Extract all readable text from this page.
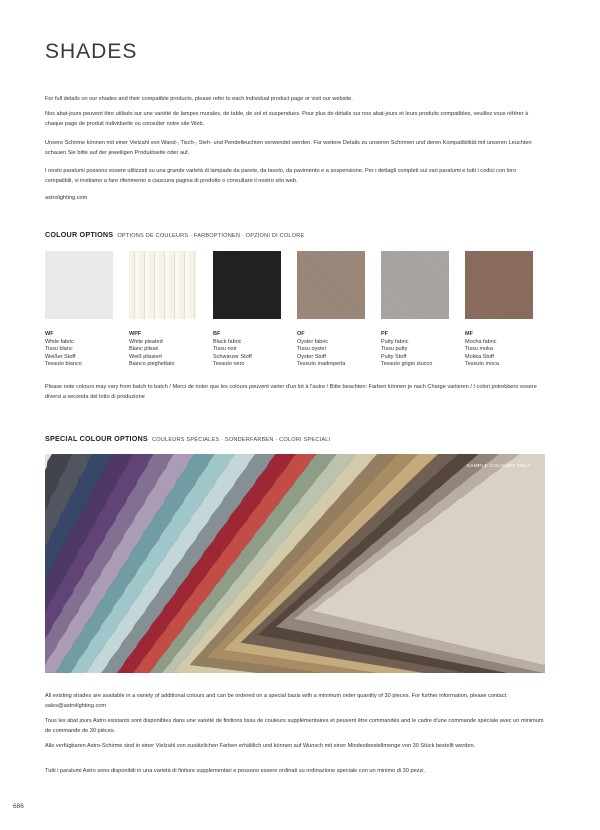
SHADES
For full details on our shades and their compatible products, please refer to each individual product page or visit our website.
Nos abat-jours peuvent être utilisés sur une variété de lampes murales, de table, de sol et suspendues. Pour plus de détails sur nos abat-jours et leurs produits compatibles, veuillez vous référer à chaque page de produit individuelle ou consulter notre site Web.
Unsere Schirme können mit einer Vielzahl von Wand-, Tisch-, Steh- und Pendelleuchten verwendet werden. Für weitere Details zu unseren Schirmen und deren Kompatibilität mit unseren Leuchten schauen Sie bitte auf der jeweiligen Produktseite oder auf.
I nostri paralumi possono essere utilizzati su una grande varietà di lampade da parete, da tavolo, da pavimento e a sospensione. Per i dettagli completi sui vari paralumi e tutti i codici con loro compatibili, vi invitiamo a fare riferimento a ciascuna pagina di prodotto o consultare il nostro sito web.
astrolighting.com
COLOUR OPTIONS OPTIONS DE COULEURS · FARBOPTIONEN · OPZIONI DI COLORE
WF
White fabric
Tissu blanc
Weißer Stoff
Tessuto bianco
WPF
White pleated
Blanc plissé
Weiß plissiert
Bianco pieghettato
BF
Black fabric
Tissu noir
Schwarzer Stoff
Tessuto nero
OF
Oyster fabric
Tissu oyster
Oyster Stoff
Tessuto madreperla
PF
Putty fabric
Tissu putty
Putty Stoff
Tessuto grigio stucco
MF
Mocha fabric
Tissu moka
Mokka Stoff
Tessuto moca
Please note colours may vary from batch to batch / Merci de noter que les colours peuvent varier d'un lot à l'autre / Bitte beachten: Farben können je nach Charge variieren / I colori potrebbero essere diversi a seconda del lotto di produzione
SPECIAL COLOUR OPTIONS COULEURS SPÉCIALES · SONDERFARBEN · COLORI SPECIALI
SAMPLE COLOURS ONLY
All existing shades are available in a variety of additional colours and can be ordered on a special basis with a minimum order quantity of 30 pieces. For further information, please contact: sales@astrolighting.com
Tous les abat jours Astro existants sont disponibles dans une variété de finitions tissu de couleurs supplémentaires et peuvent être commandés and le cadre d'une commande spéciale avec un minimum de commande de 30 pièces.
Alle verfügbaren Astro-Schirme sind in einer Vielzahl von zusätzlichen Farben erhältlich und können auf Wunsch mit einer Mindestbestellmenge von 30 Stück bestellt werden.
Tutti i paralumi Astro sono disponibili in una varietà di finiture supplementari e possono essere ordinati su ordinazione speciale con un minimo di 30 pezzi.
686
